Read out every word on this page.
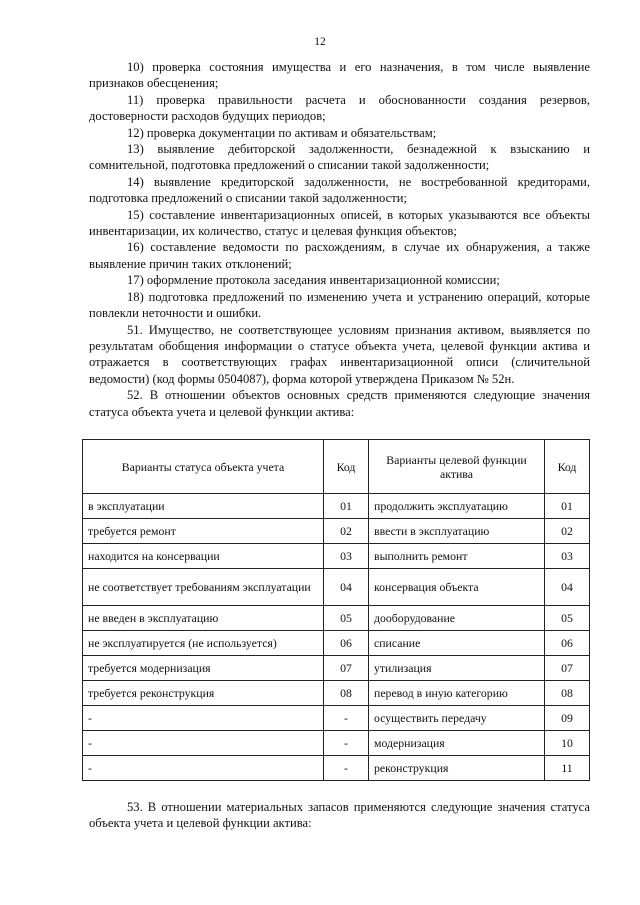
12

10) проверка состояния имущества и его назначения, в том числе выявление признаков обесценения;

11) проверка правильности расчета и обоснованности создания резервов, достоверности расходов будущих периодов;

12) проверка документации по активам и обязательствам;

13) выявление дебиторской задолженности, безнадежной к взысканию и сомнительной, подготовка предложений о списании такой задолженности;

14) выявление кредиторской задолженности, не востребованной кредиторами, подготовка предложений о списании такой задолженности;

15) составление инвентаризационных описей, в которых указываются все объекты инвентаризации, их количество, статус и целевая функция объектов;

16) составление ведомости по расхождениям, в случае их обнаружения, а также выявление причин таких отклонений;

17) оформление протокола заседания инвентаризационной комиссии;

18) подготовка предложений по изменению учета и устранению операций, которые повлекли неточности и ошибки.

51. Имущество, не соответствующее условиям признания активом, выявляется по результатам обобщения информации о статусе объекта учета, целевой функции актива и отражается в соответствующих графах инвентаризационной описи (сличительной ведомости) (код формы 0504087), форма которой утверждена Приказом № 52н.

52. В отношении объектов основных средств применяются следующие значения статуса объекта учета и целевой функции актива:

Варианты статуса объекта учета	Код	Варианты целевой функции актива	Код
в эксплуатации	01	продолжить эксплуатацию	01
требуется ремонт	02	ввести в эксплуатацию	02
находится на консервации	03	выполнить ремонт	03
не соответствует требованиям эксплуатации	04	консервация объекта	04
не введен в эксплуатацию	05	дооборудование	05
не эксплуатируется (не используется)	06	списание	06
требуется модернизация	07	утилизация	07
требуется реконструкция	08	перевод в иную категорию	08
-	-	осуществить передачу	09
-	-	модернизация	10
-	-	реконструкция	11

53. В отношении материальных запасов применяются следующие значения статуса объекта учета и целевой функции актива:
